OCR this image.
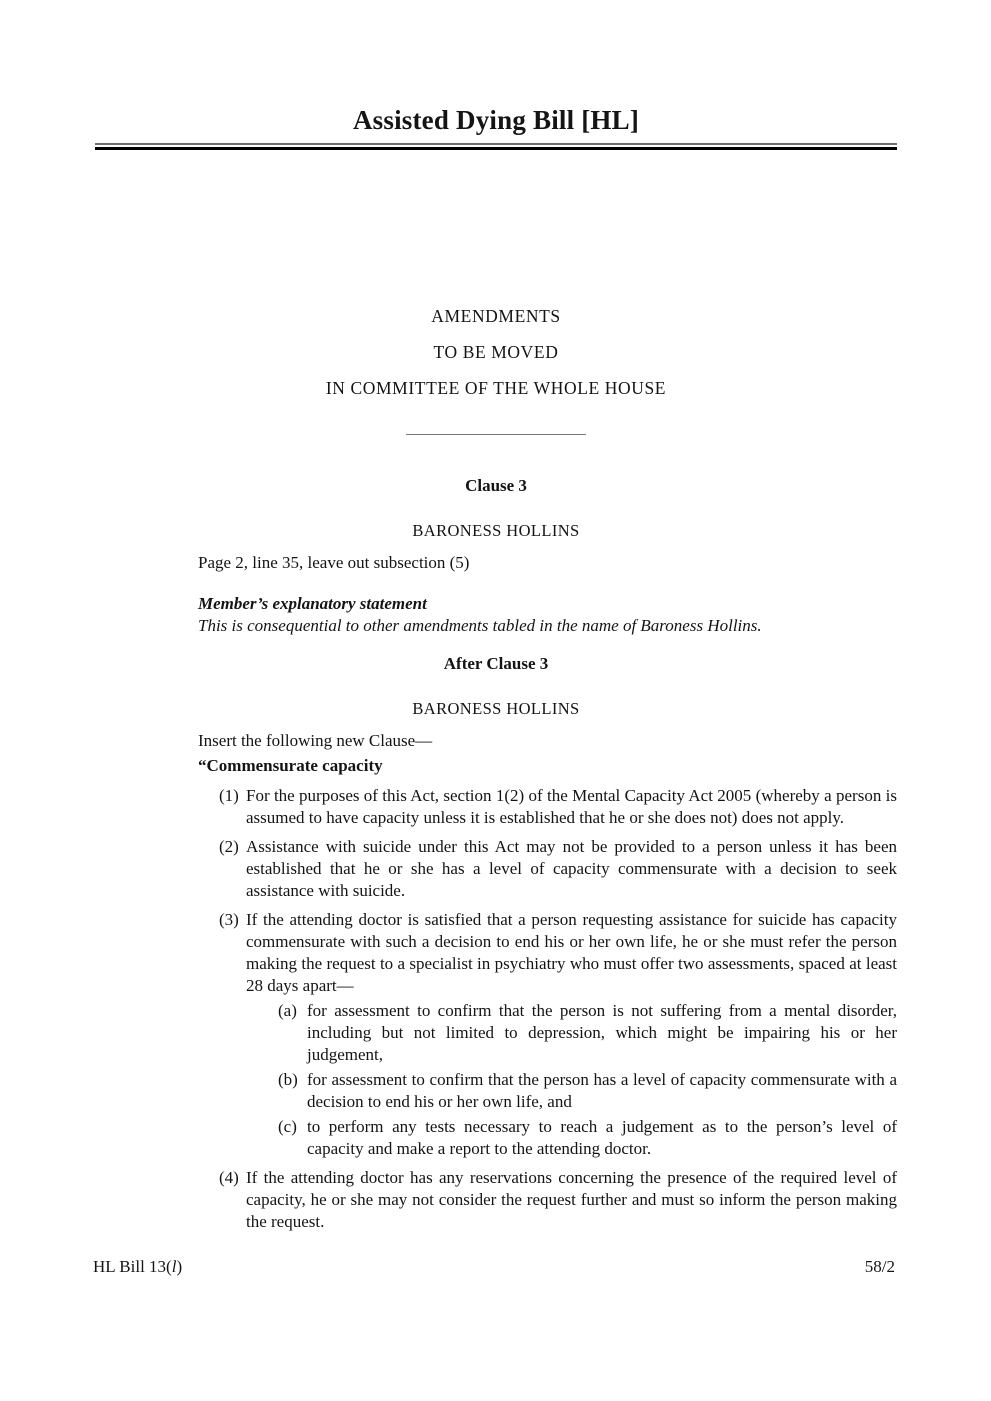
Assisted Dying Bill [HL]
AMENDMENTS
TO BE MOVED
IN COMMITTEE OF THE WHOLE HOUSE
Clause 3
BARONESS HOLLINS

Page 2, line 35, leave out subsection (5)

Member’s explanatory statement

This is consequential to other amendments tabled in the name of Baroness Hollins.

After Clause 3
BARONESS HOLLINS

Insert the following new Clause—

“Commensurate capacity

(1) For the purposes of this Act, section 1(2) of the Mental Capacity Act 2005 (whereby a person is assumed to have capacity unless it is established that he or she does not) does not apply.

(2) Assistance with suicide under this Act may not be provided to a person unless it has been established that he or she has a level of capacity commensurate with a decision to seek assistance with suicide.

(3) If the attending doctor is satisfied that a person requesting assistance for suicide has capacity commensurate with such a decision to end his or her own life, he or she must refer the person making the request to a specialist in psychiatry who must offer two assessments, spaced at least 28 days apart—

(a) for assessment to confirm that the person is not suffering from a mental disorder, including but not limited to depression, which might be impairing his or her judgement,

(b) for assessment to confirm that the person has a level of capacity commensurate with a decision to end his or her own life, and

(c) to perform any tests necessary to reach a judgement as to the person’s level of capacity and make a report to the attending doctor.

(4) If the attending doctor has any reservations concerning the presence of the required level of capacity, he or she may not consider the request further and must so inform the person making the request.

HL Bill 13(l)	58/2
